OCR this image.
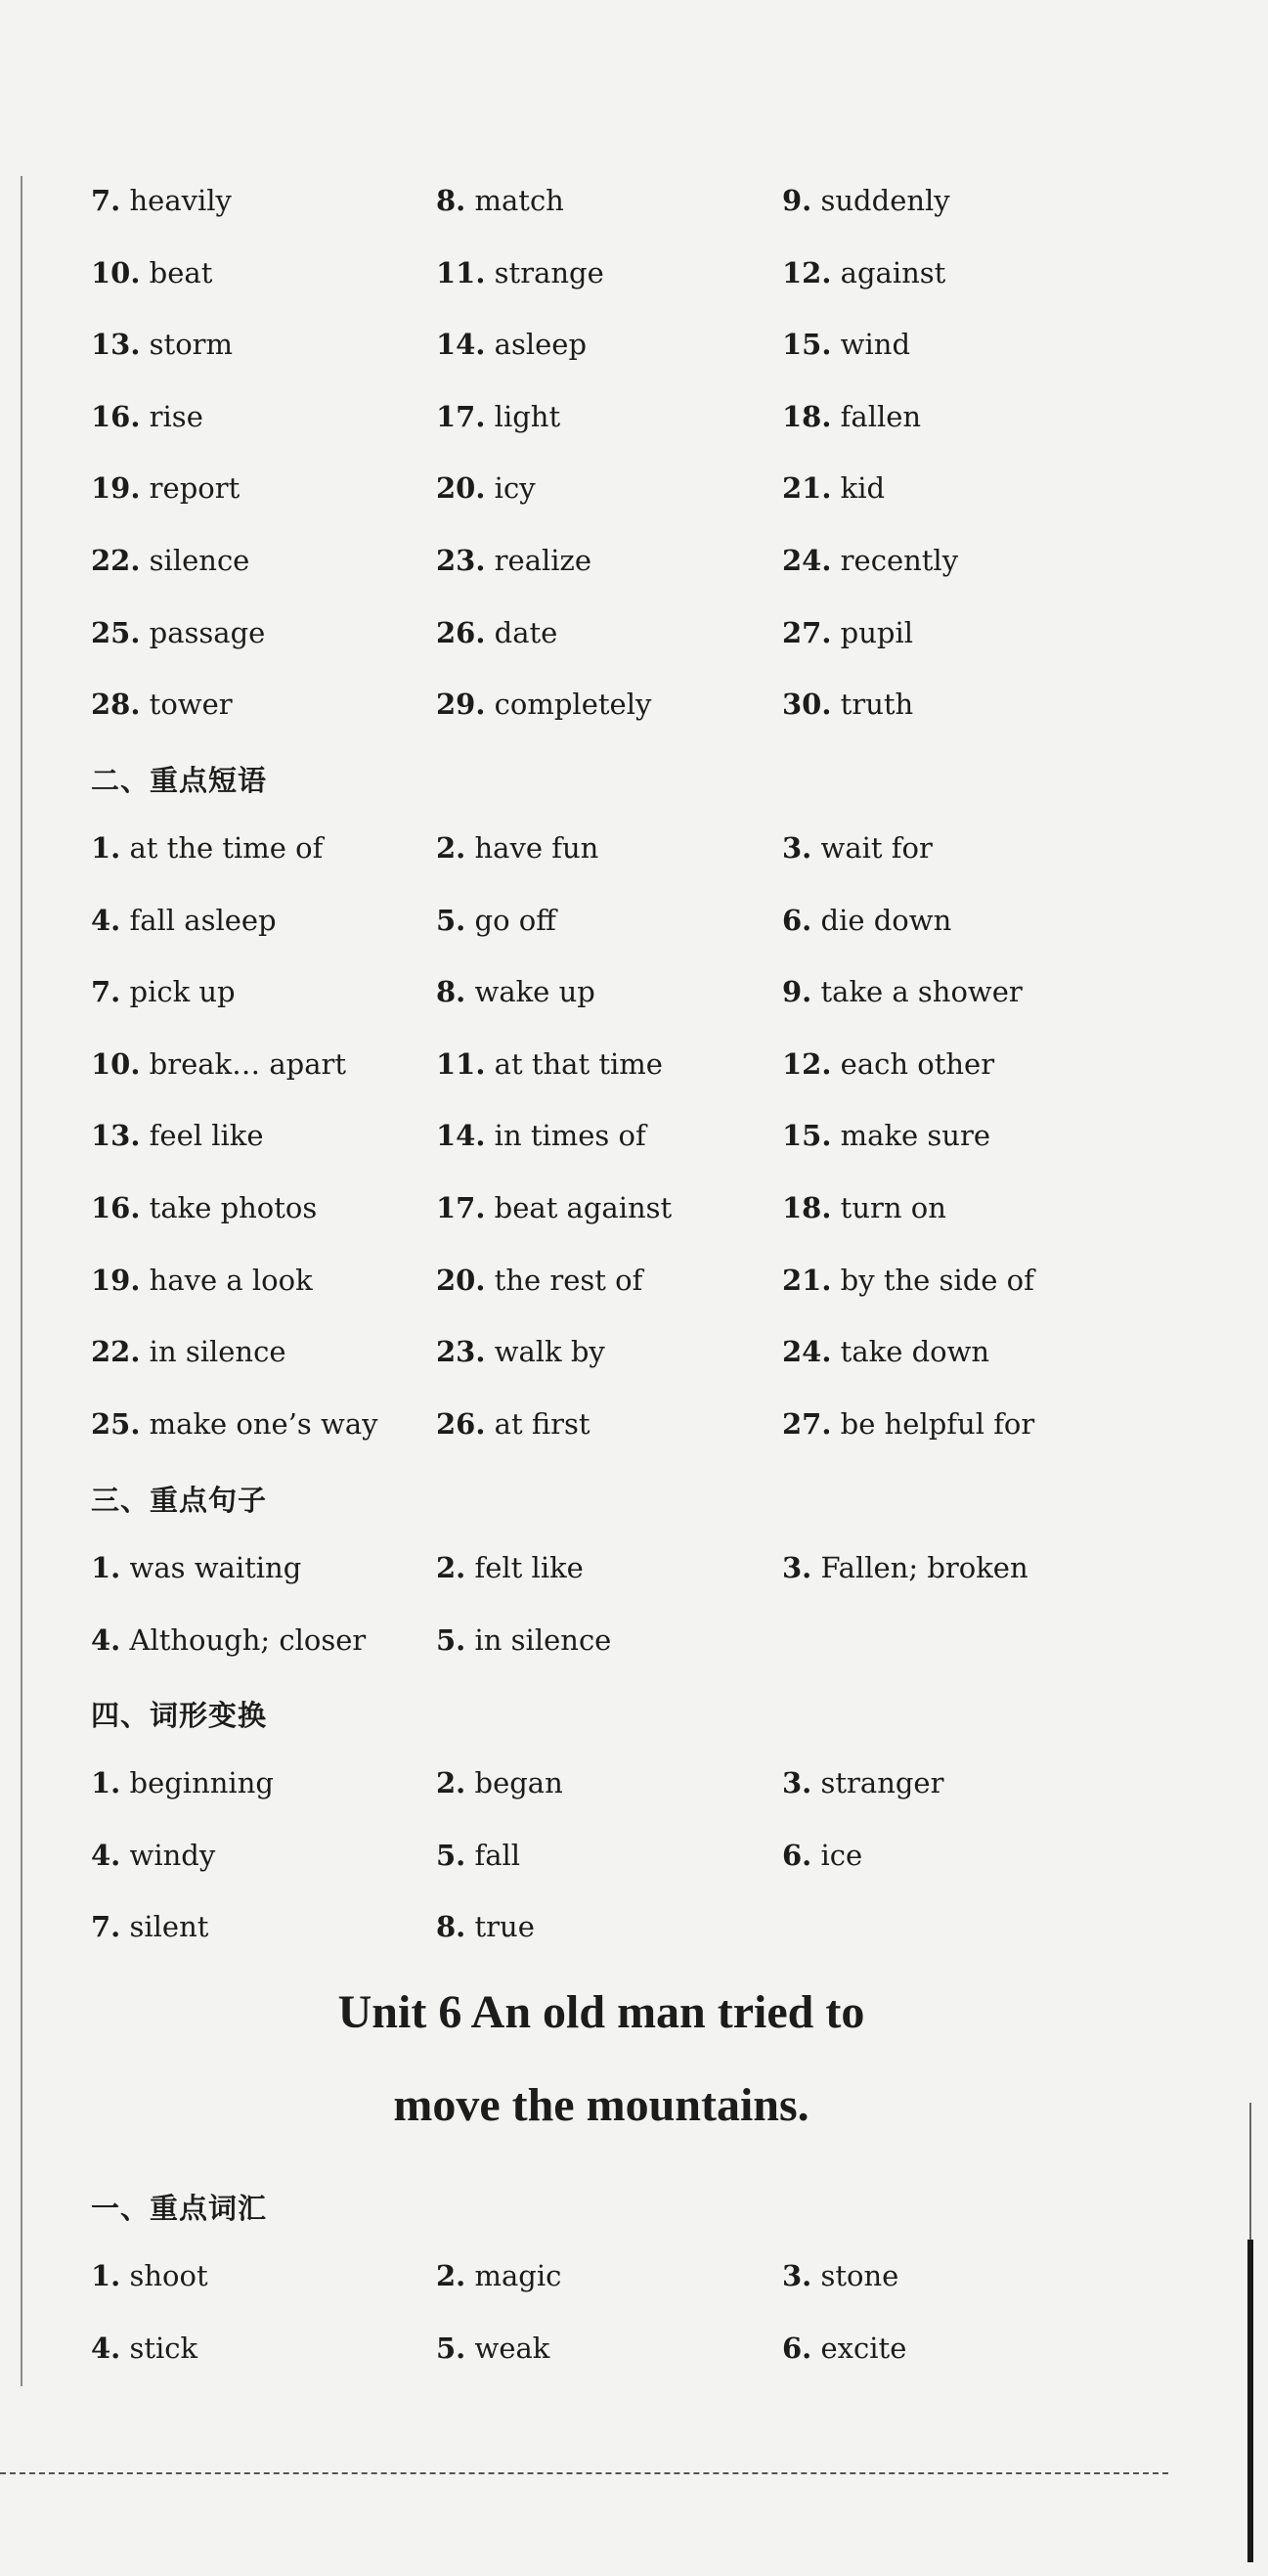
二、重点短语
三、重点句子
四、词形变换
Unit 6 An old man tried to
move the mountains.
一、重点词汇
7. heavily	8. match	9. suddenly
10. beat	11. strange	12. against
13. storm	14. asleep	15. wind
16. rise	17. light	18. fallen
19. report	20. icy	21. kid
22. silence	23. realize	24. recently
25. passage	26. date	27. pupil
28. tower	29. completely	30. truth
1. at the time of	2. have fun	3. wait for
4. fall asleep	5. go off	6. die down
7. pick up	8. wake up	9. take a shower
10. break… apart	11. at that time	12. each other
13. feel like	14. in times of	15. make sure
16. take photos	17. beat against	18. turn on
19. have a look	20. the rest of	21. by the side of
22. in silence	23. walk by	24. take down
25. make one’s way 26. at first	27. be helpful for
1. was waiting	2. felt like	3. Fallen; broken
4. Although; closer 5. in silence
1. beginning	2. began	3. stranger
4. windy	5. fall	6. ice
7. silent	8. true
1. shoot	2. magic	3. stone
4. stick	5. weak	6. excite
